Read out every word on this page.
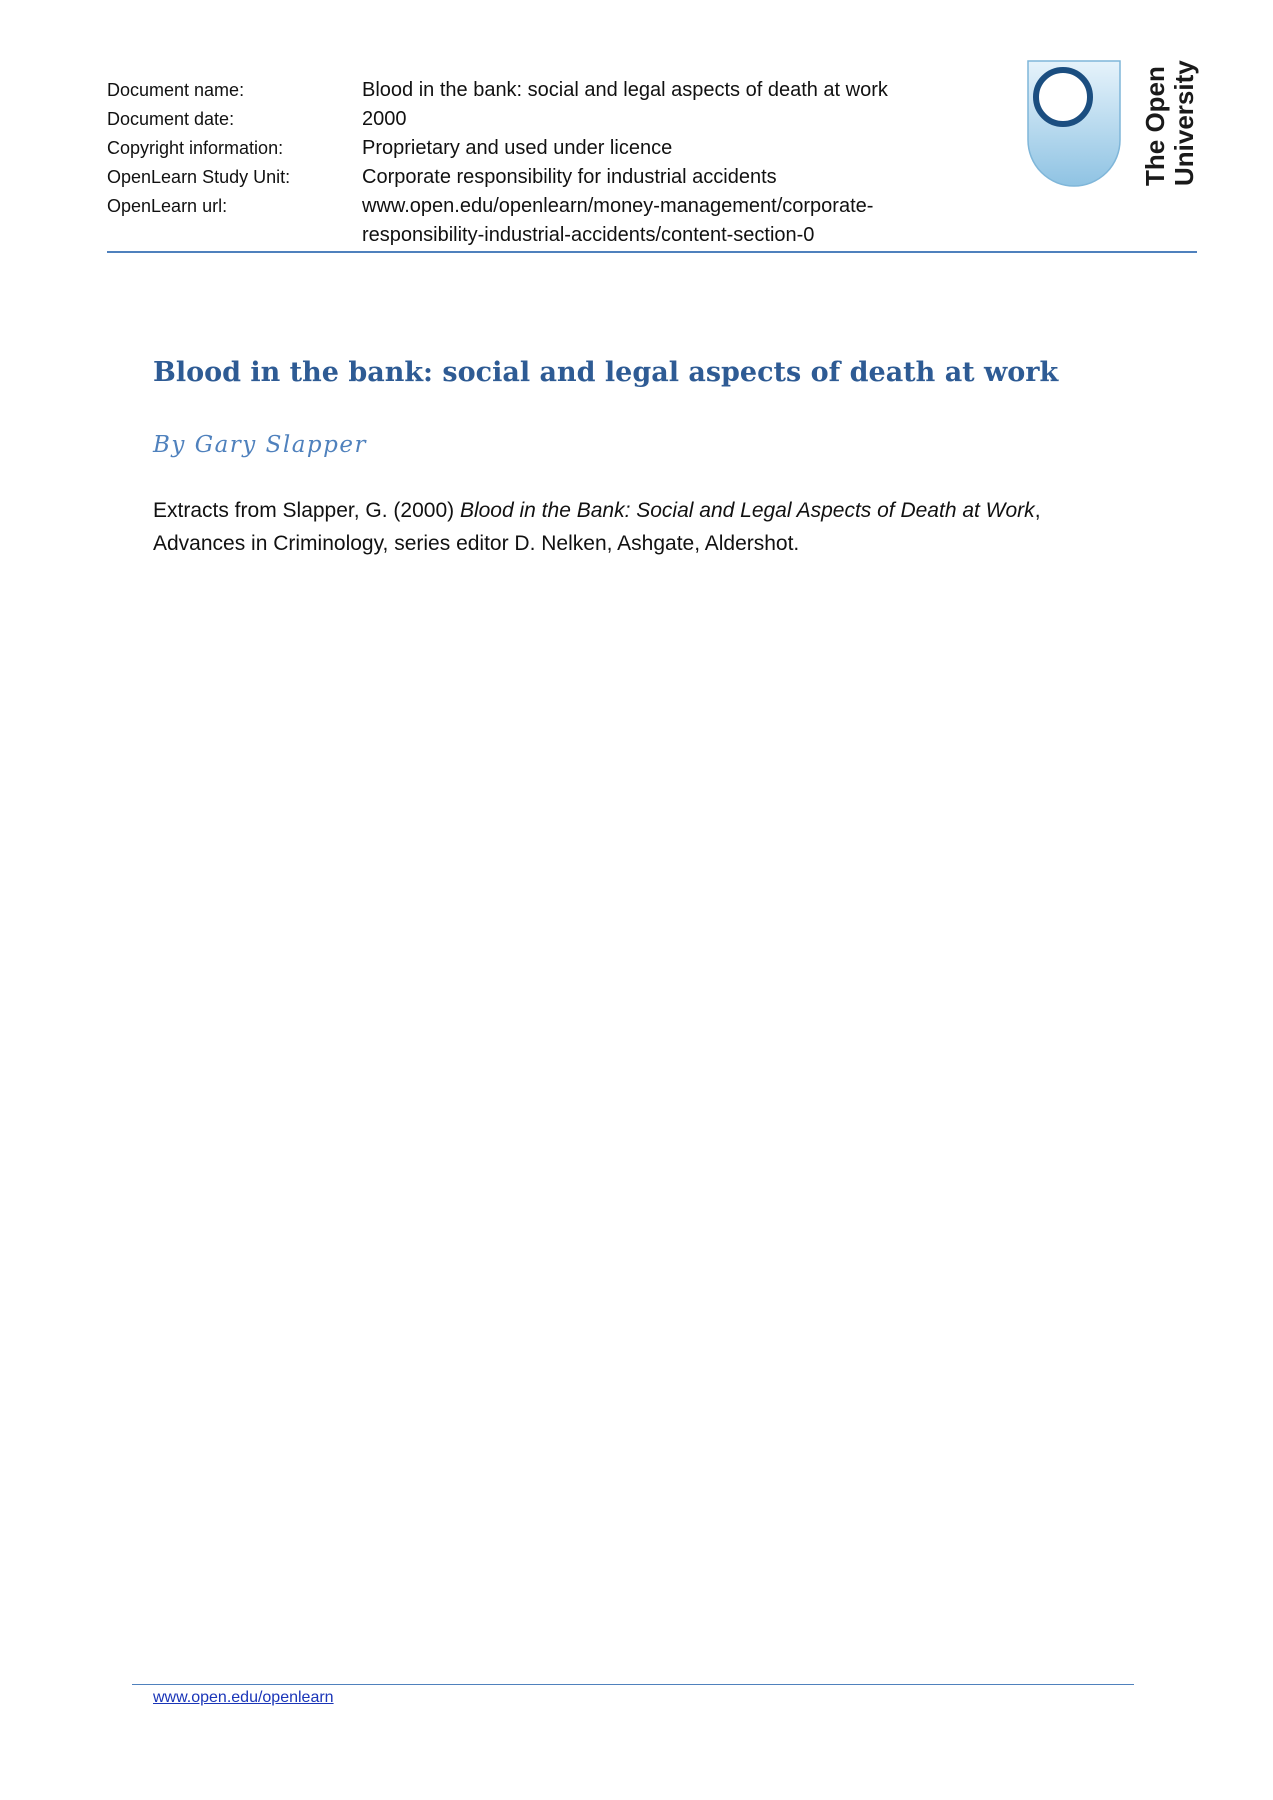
Document name:	Blood in the bank: social and legal aspects of death at work
Document date:	2000
Copyright information:	Proprietary and used under licence
OpenLearn Study Unit:	Corporate responsibility for industrial accidents
OpenLearn url:	www.open.edu/openlearn/money-management/corporate-responsibility-industrial-accidents/content-section-0
The Open University
Blood in the bank: social and legal aspects of death at work

By Gary Slapper

Extracts from Slapper, G. (2000) Blood in the Bank: Social and Legal Aspects of Death at Work, Advances in Criminology, series editor D. Nelken, Ashgate, Aldershot.

www.open.edu/openlearn
